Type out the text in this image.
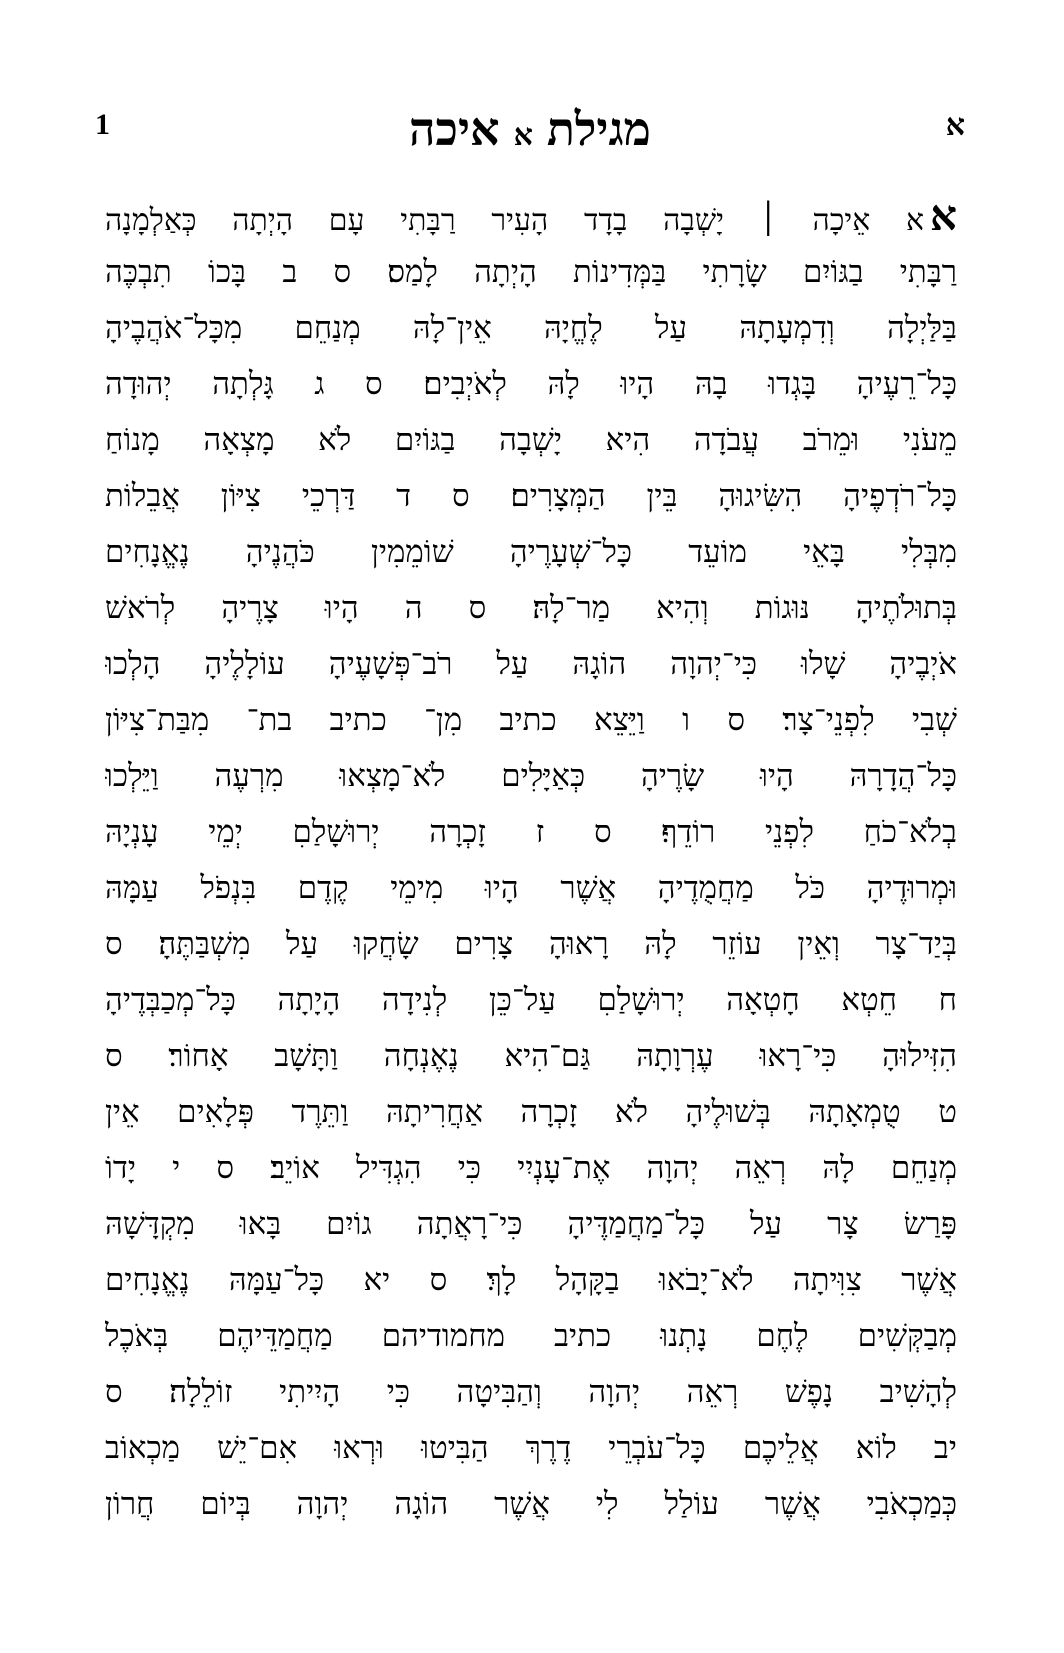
1	מגילתאאיכה	א
אא אֵיכָה ׀ יָשְׁבָה בָדָד הָעִיר רַבָּתִי עָם הָיְתָה כְּאַלְמָנָה
רַבָּתִי בַגּוֹיִם שָׂרָתִי בַּמְּדִינוֹת הָיְתָה לָמַס׃ ס ב בָּכוֹ תִבְכֶּה
בַּלַּיְלָה וְדִמְעָתָהּ עַל לֶחֱיָהּ אֵין־לָהּ מְנַחֵם מִכָּל־אֹהֲבֶיהָ
כָּל־רֵעֶיהָ בָּגְדוּ בָהּ הָיוּ לָהּ לְאֹיְבִים׃ ס ג גָּלְתָה יְהוּדָה
מֵעֹנִי וּמֵרֹב עֲבֹדָה הִיא יָשְׁבָה בַגּוֹיִם לֹא מָצְאָה מָנוֹחַ
כָּל־רֹדְפֶיהָ הִשִּׂיגוּהָ בֵּין הַמְּצָרִים׃ ס ד דַּרְכֵי צִיּוֹן אֲבֵלוֹת
מִבְּלִי בָּאֵי מוֹעֵד כָּל־שְׁעָרֶיהָ שׁוֹמֵמִין כֹּהֲנֶיהָ נֶאֱנָחִים
בְּתוּלֹתֶיהָ נּוּגוֹת וְהִיא מַר־לָהּ׃ ס ה הָיוּ צָרֶיהָ לְרֹאשׁ
אֹיְבֶיהָ שָׁלוּ כִּי־יְהוָה הוֹגָהּ עַל רֹב־פְּשָׁעֶיהָ עוֹלָלֶיהָ הָלְכוּ
שְׁבִי לִפְנֵי־צָר׃ ס ו וַיֵּצֵא כתיב מִן־ כתיב בת־ מִבַּת־צִיּוֹן
כָּל־הֲדָרָהּ הָיוּ שָׂרֶיהָ כְּאַיָּלִים לֹא־מָצְאוּ מִרְעֶה וַיֵּלְכוּ
בְלֹא־כֹחַ לִפְנֵי רוֹדֵף׃ ס ז זָכְרָה יְרוּשָׁלַםִ יְמֵי עָנְיָהּ
וּמְרוּדֶיהָ כֹּל מַחֲמֻדֶיהָ אֲשֶׁר הָיוּ מִימֵי קֶדֶם בִּנְפֹל עַמָּהּ
בְּיַד־צָר וְאֵין עוֹזֵר לָהּ רָאוּהָ צָרִים שָׂחֲקוּ עַל מִשְׁבַּתֶּהָ׃ ס
ח חֵטְא חָטְאָה יְרוּשָׁלַםִ עַל־כֵּן לְנִידָה הָיָתָה כָּל־מְכַבְּדֶיהָ
הִזִּילוּהָ כִּי־רָאוּ עֶרְוָתָהּ גַּם־הִיא נֶאֶנְחָה וַתָּשָׁב אָחוֹר׃ ס
ט טֻמְאָתָהּ בְּשׁוּלֶיהָ לֹא זָכְרָה אַחֲרִיתָהּ וַתֵּרֶד פְּלָאִים אֵין
מְנַחֵם לָהּ רְאֵה יְהוָה אֶת־עָנְיִי כִּי הִגְדִּיל אוֹיֵב׃ ס י יָדוֹ
פָּרַשׂ צָר עַל כָּל־מַחֲמַדֶּיהָ כִּי־רָאֲתָה גוֹיִם בָּאוּ מִקְדָּשָׁהּ
אֲשֶׁר צִוִּיתָה לֹא־יָבֹאוּ בַקָּהָל לָךְ׃ ס יא כָּל־עַמָּהּ נֶאֱנָחִים
מְבַקְּשִׁים לֶחֶם נָתְנוּ כתיב מחמודיהם מַחֲמַדֵּיהֶם בְּאֹכֶל
לְהָשִׁיב נָפֶשׁ רְאֵה יְהוָה וְהַבִּיטָה כִּי הָיִיתִי זוֹלֵלָה׃ ס
יב לוֹא אֲלֵיכֶם כָּל־עֹבְרֵי דֶרֶךְ הַבִּיטוּ וּרְאוּ אִם־יֵשׁ מַכְאוֹב
כְּמַכְאֹבִי אֲשֶׁר עוֹלַל לִי אֲשֶׁר הוֹגָה יְהוָה בְּיוֹם חֲרוֹן
